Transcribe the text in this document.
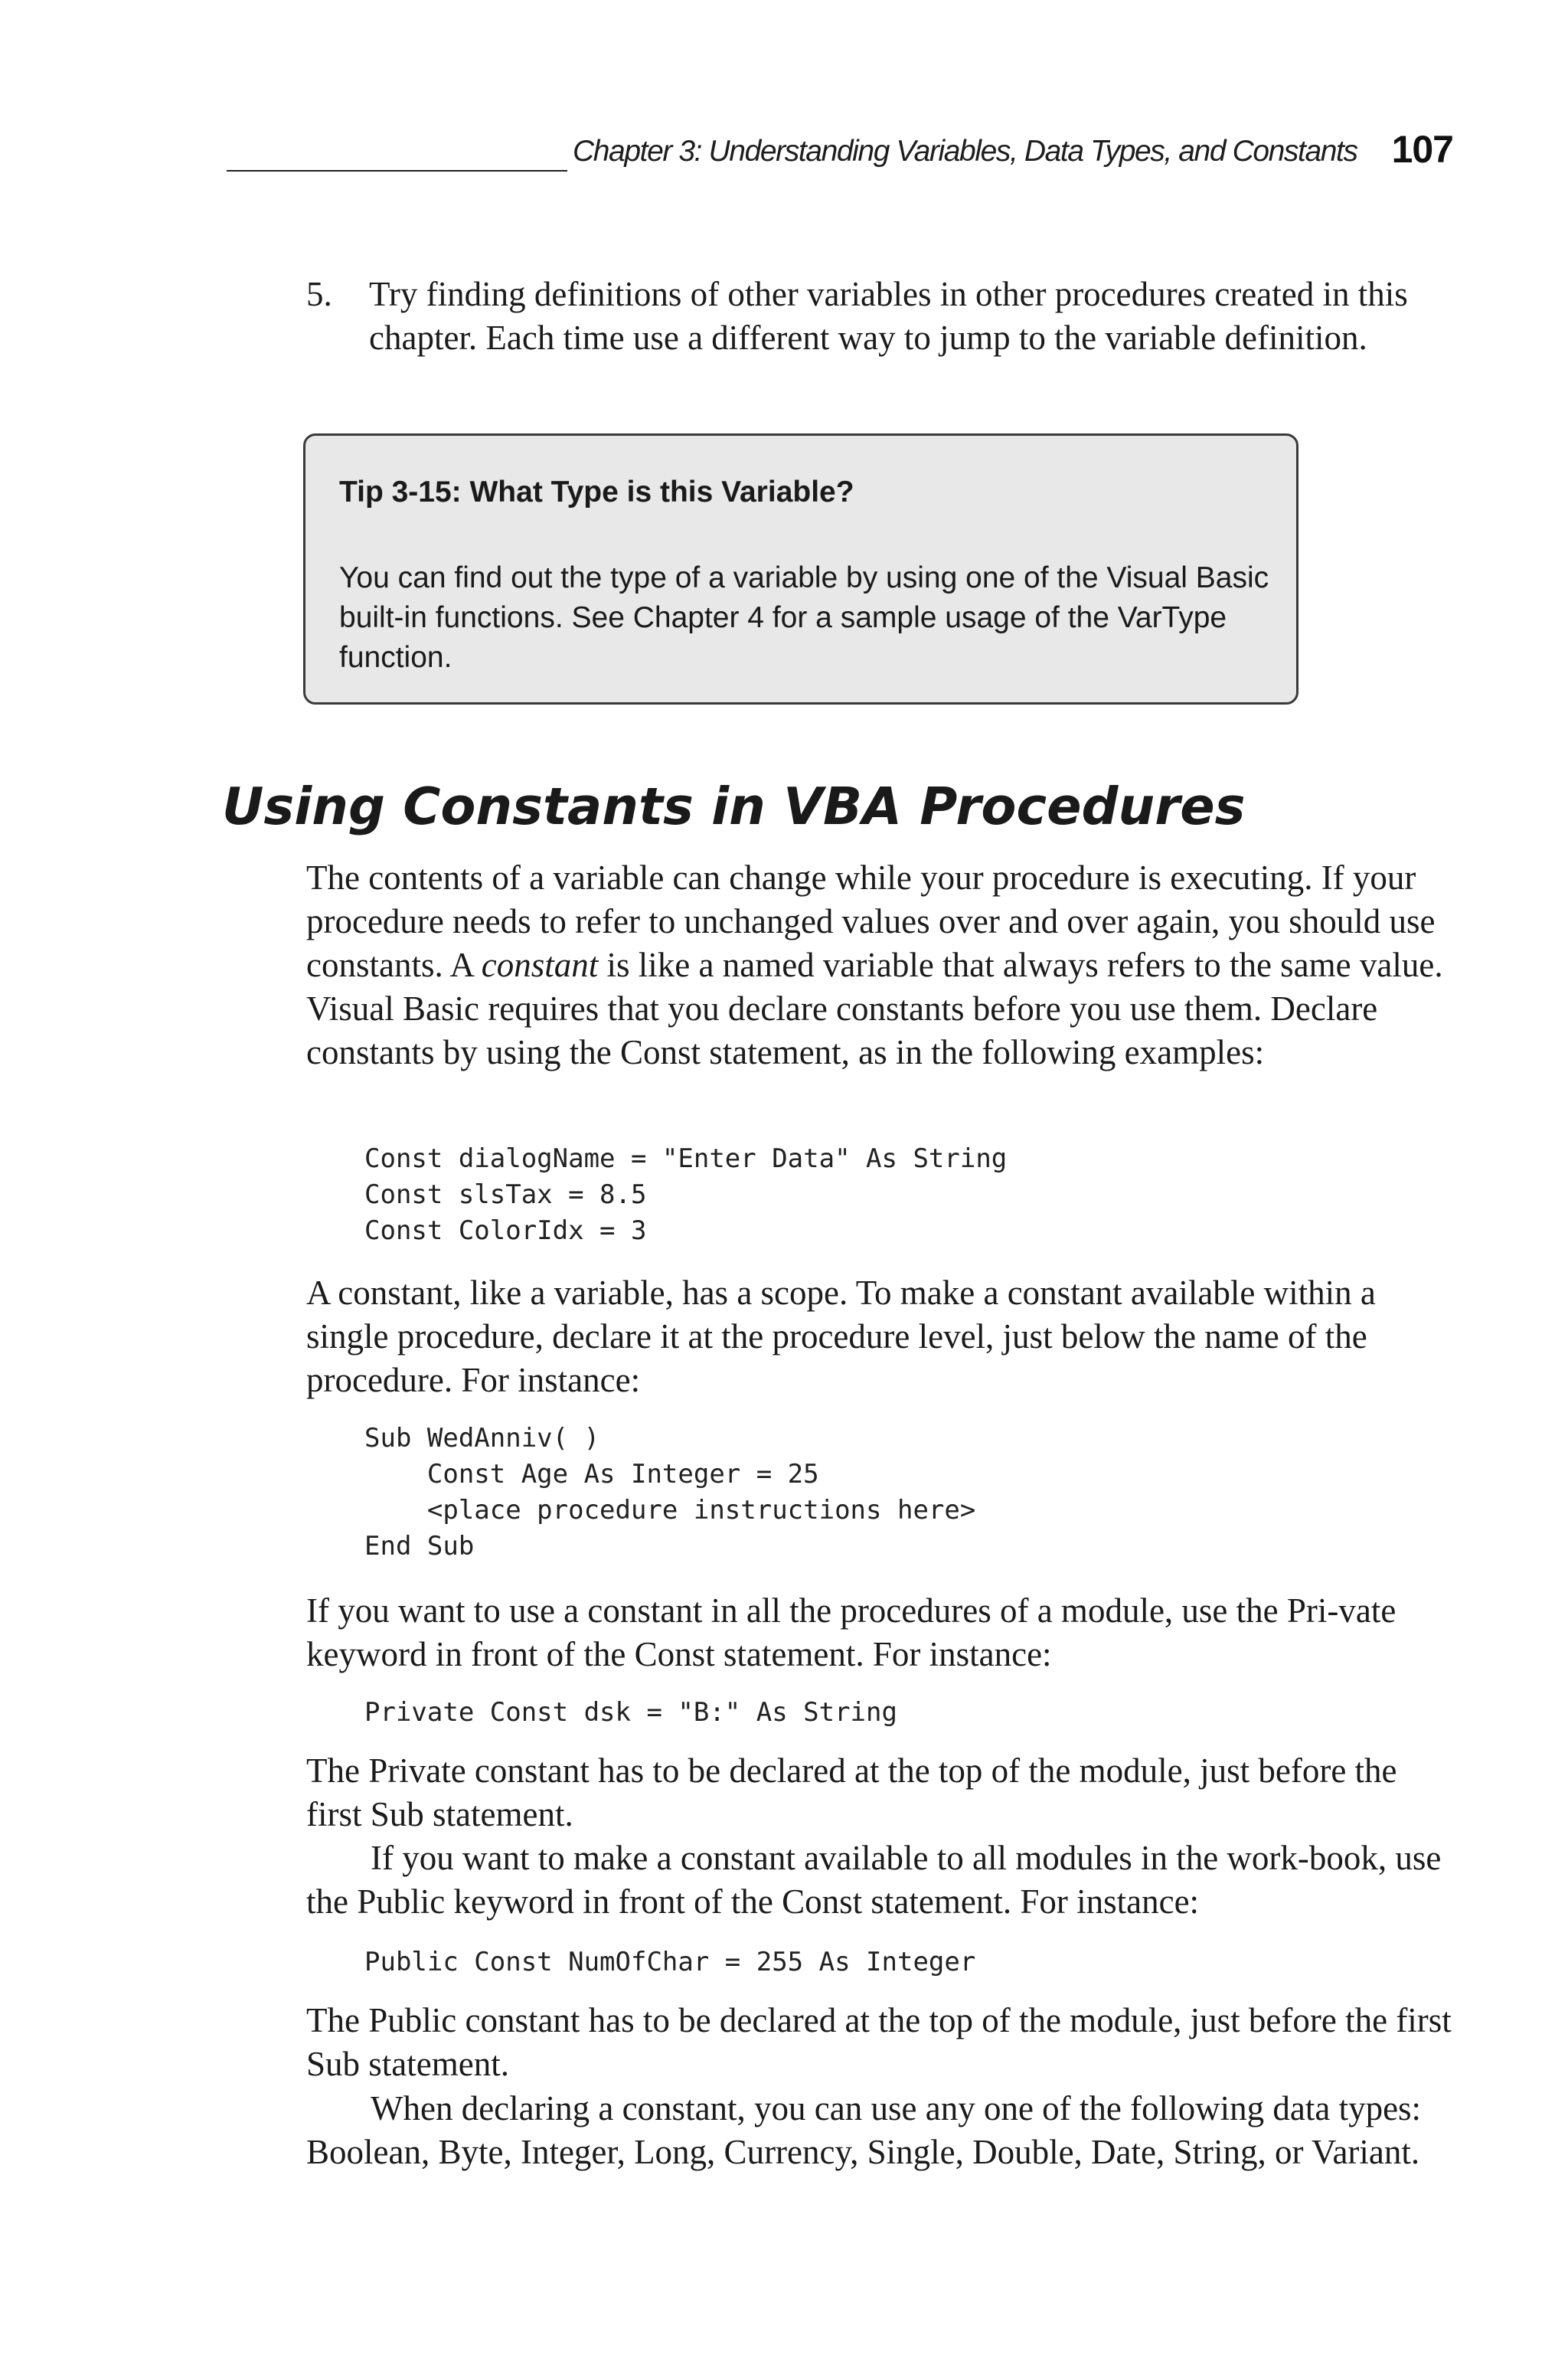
Chapter 3: Understanding Variables, Data Types, and Constants 107
5. Try finding definitions of other variables in other procedures created in this chapter. Each time use a different way to jump to the variable definition.
Tip 3-15: What Type is this Variable?
You can find out the type of a variable by using one of the Visual Basic built-in functions. See Chapter 4 for a sample usage of the VarType function.
Using Constants in VBA Procedures

The contents of a variable can change while your procedure is executing. If your procedure needs to refer to unchanged values over and over again, you should use constants. A constant is like a named variable that always refers to the same value. Visual Basic requires that you declare constants before you use them. Declare constants by using the Const statement, as in the following examples:

Const dialogName = "Enter Data" As String
Const slsTax = 8.5
Const ColorIdx = 3

A constant, like a variable, has a scope. To make a constant available within a single procedure, declare it at the procedure level, just below the name of the procedure. For instance:

Sub WedAnniv( )
Const Age As Integer = 25
<place procedure instructions here>
End Sub

If you want to use a constant in all the procedures of a module, use the Pri-vate keyword in front of the Const statement. For instance:

Private Const dsk = "B:" As String

The Private constant has to be declared at the top of the module, just before the first Sub statement.

If you want to make a constant available to all modules in the work-book, use the Public keyword in front of the Const statement. For instance:

Public Const NumOfChar = 255 As Integer

The Public constant has to be declared at the top of the module, just before the first Sub statement.

When declaring a constant, you can use any one of the following data types: Boolean, Byte, Integer, Long, Currency, Single, Double, Date, String, or Variant.
